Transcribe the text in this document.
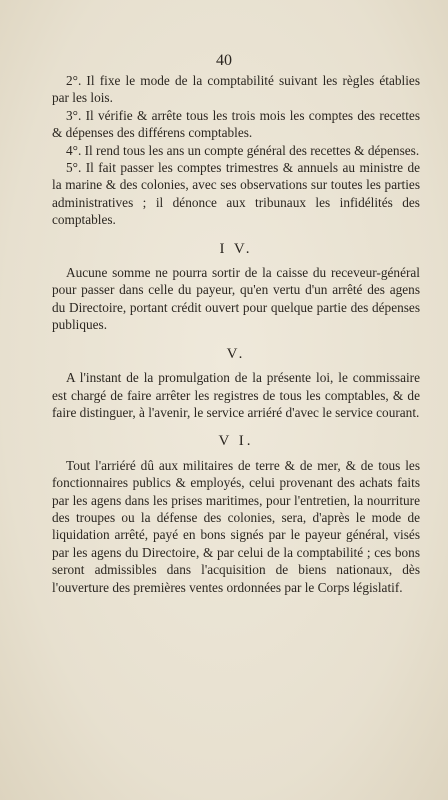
40

2°. Il fixe le mode de la comptabilité suivant les règles établies par les lois.

3°. Il vérifie & arrête tous les trois mois les comptes des recettes & dépenses des différens comptables.

4°. Il rend tous les ans un compte général des recettes & dépenses.

5°. Il fait passer les comptes trimestres & annuels au ministre de la marine & des colonies, avec ses observations sur toutes les parties administratives ; il dénonce aux tribunaux les infidélités des comptables.

I V.

Aucune somme ne pourra sortir de la caisse du receveur-général pour passer dans celle du payeur, qu'en vertu d'un arrêté des agens du Directoire, portant crédit ouvert pour quelque partie des dépenses publiques.

V.

A l'instant de la promulgation de la présente loi, le commissaire est chargé de faire arrêter les registres de tous les comptables, & de faire distinguer, à l'avenir, le service arriéré d'avec le service courant.

V I.

Tout l'arriéré dû aux militaires de terre & de mer, & de tous les fonctionnaires publics & employés, celui provenant des achats faits par les agens dans les prises maritimes, pour l'entretien, la nourriture des troupes ou la défense des colonies, sera, d'après le mode de liquidation arrêté, payé en bons signés par le payeur général, visés par les agens du Directoire, & par celui de la comptabilité ; ces bons seront admissibles dans l'acquisition de biens nationaux, dès l'ouverture des premières ventes ordonnées par le Corps législatif.
